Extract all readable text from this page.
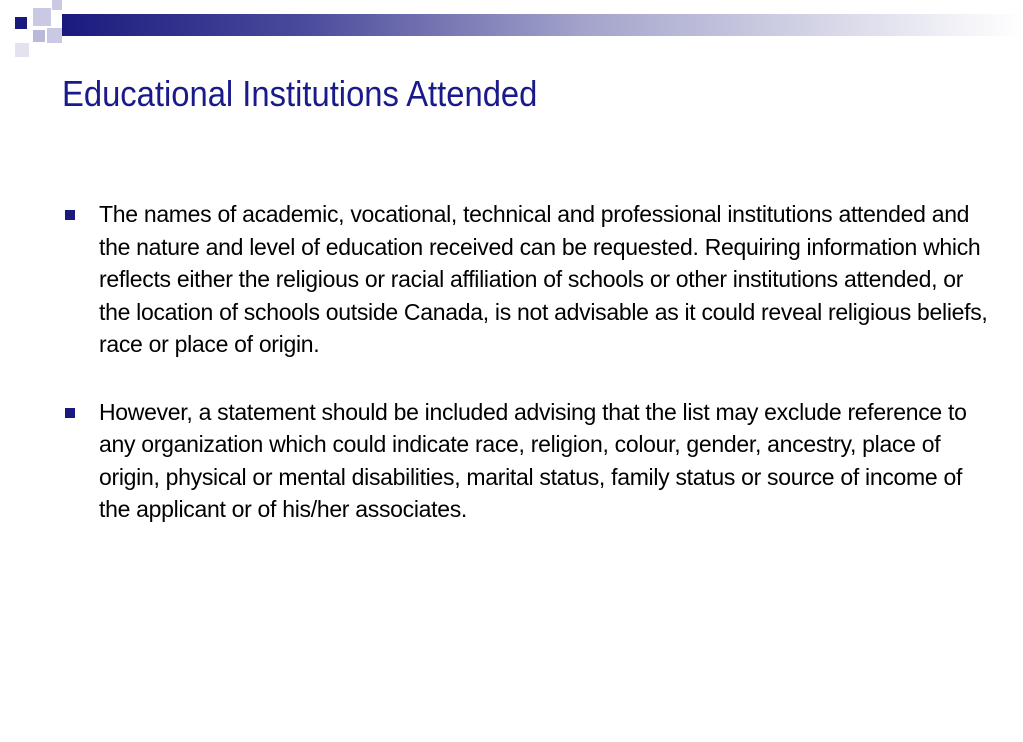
Educational Institutions Attended
The names of academic, vocational, technical and professional institutions attended and the nature and level of education received can be requested. Requiring information which reflects either the religious or racial affiliation of schools or other institutions attended, or the location of schools outside Canada, is not advisable as it could reveal religious beliefs, race or place of origin.
However, a statement should be included advising that the list may exclude reference to any organization which could indicate race, religion, colour, gender, ancestry, place of origin, physical or mental disabilities, marital status, family status or source of income of the applicant or of his/her associates.
